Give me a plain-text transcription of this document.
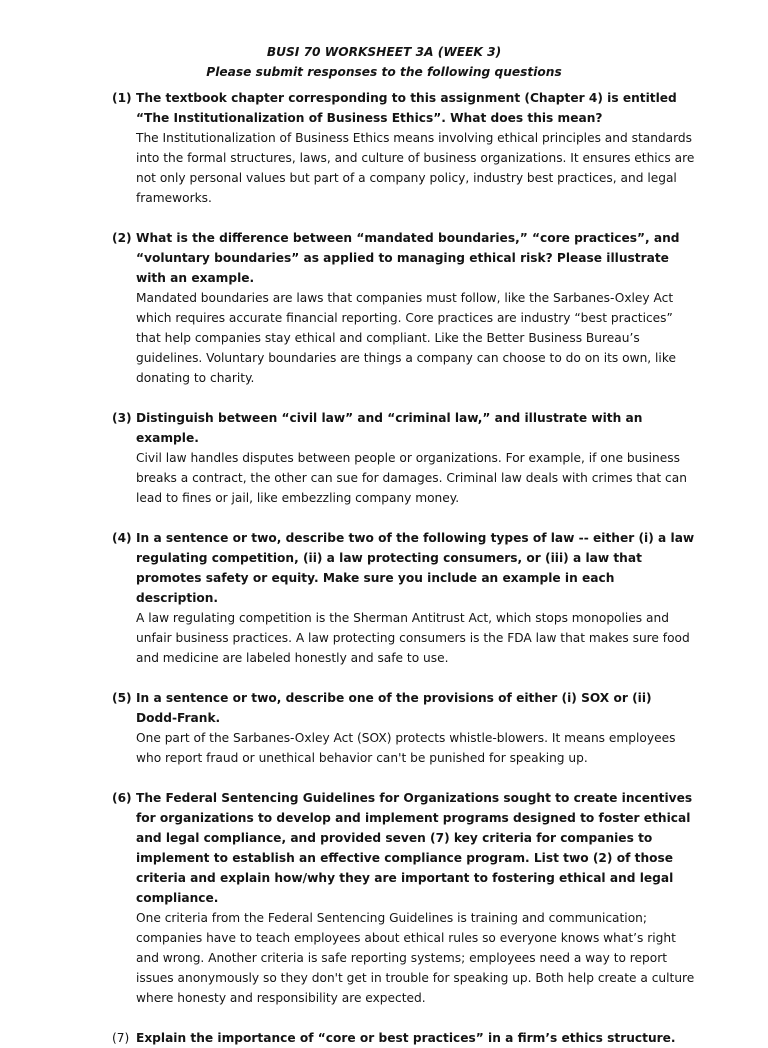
BUSI 70 WORKSHEET 3A (WEEK 3)
Please submit responses to the following questions
(1) The textbook chapter corresponding to this assignment (Chapter 4) is entitled “The Institutionalization of Business Ethics”. What does this mean?
The Institutionalization of Business Ethics means involving ethical principles and standards into the formal structures, laws, and culture of business organizations. It ensures ethics are not only personal values but part of a company policy, industry best practices, and legal frameworks.
(2) What is the difference between “mandated boundaries,” “core practices”, and “voluntary boundaries” as applied to managing ethical risk? Please illustrate with an example.
Mandated boundaries are laws that companies must follow, like the Sarbanes-Oxley Act which requires accurate financial reporting. Core practices are industry “best practices” that help companies stay ethical and compliant. Like the Better Business Bureau’s guidelines. Voluntary boundaries are things a company can choose to do on its own, like donating to charity.
(3) Distinguish between “civil law” and “criminal law,” and illustrate with an example.
Civil law handles disputes between people or organizations. For example, if one business breaks a contract, the other can sue for damages. Criminal law deals with crimes that can lead to fines or jail, like embezzling company money.
(4) In a sentence or two, describe two of the following types of law -- either (i) a law regulating competition, (ii) a law protecting consumers, or (iii) a law that promotes safety or equity. Make sure you include an example in each description.
A law regulating competition is the Sherman Antitrust Act, which stops monopolies and unfair business practices. A law protecting consumers is the FDA law that makes sure food and medicine are labeled honestly and safe to use.
(5) In a sentence or two, describe one of the provisions of either (i) SOX or (ii) Dodd-Frank.
One part of the Sarbanes-Oxley Act (SOX) protects whistle-blowers. It means employees who report fraud or unethical behavior can't be punished for speaking up.
(6) The Federal Sentencing Guidelines for Organizations sought to create incentives for organizations to develop and implement programs designed to foster ethical and legal compliance, and provided seven (7) key criteria for companies to implement to establish an effective compliance program. List two (2) of those criteria and explain how/why they are important to fostering ethical and legal compliance.
One criteria from the Federal Sentencing Guidelines is training and communication; companies have to teach employees about ethical rules so everyone knows what’s right and wrong. Another criteria is safe reporting systems; employees need a way to report issues anonymously so they don't get in trouble for speaking up. Both help create a culture where honesty and responsibility are expected.
(7) Explain the importance of “core or best practices” in a firm’s ethics structure.
